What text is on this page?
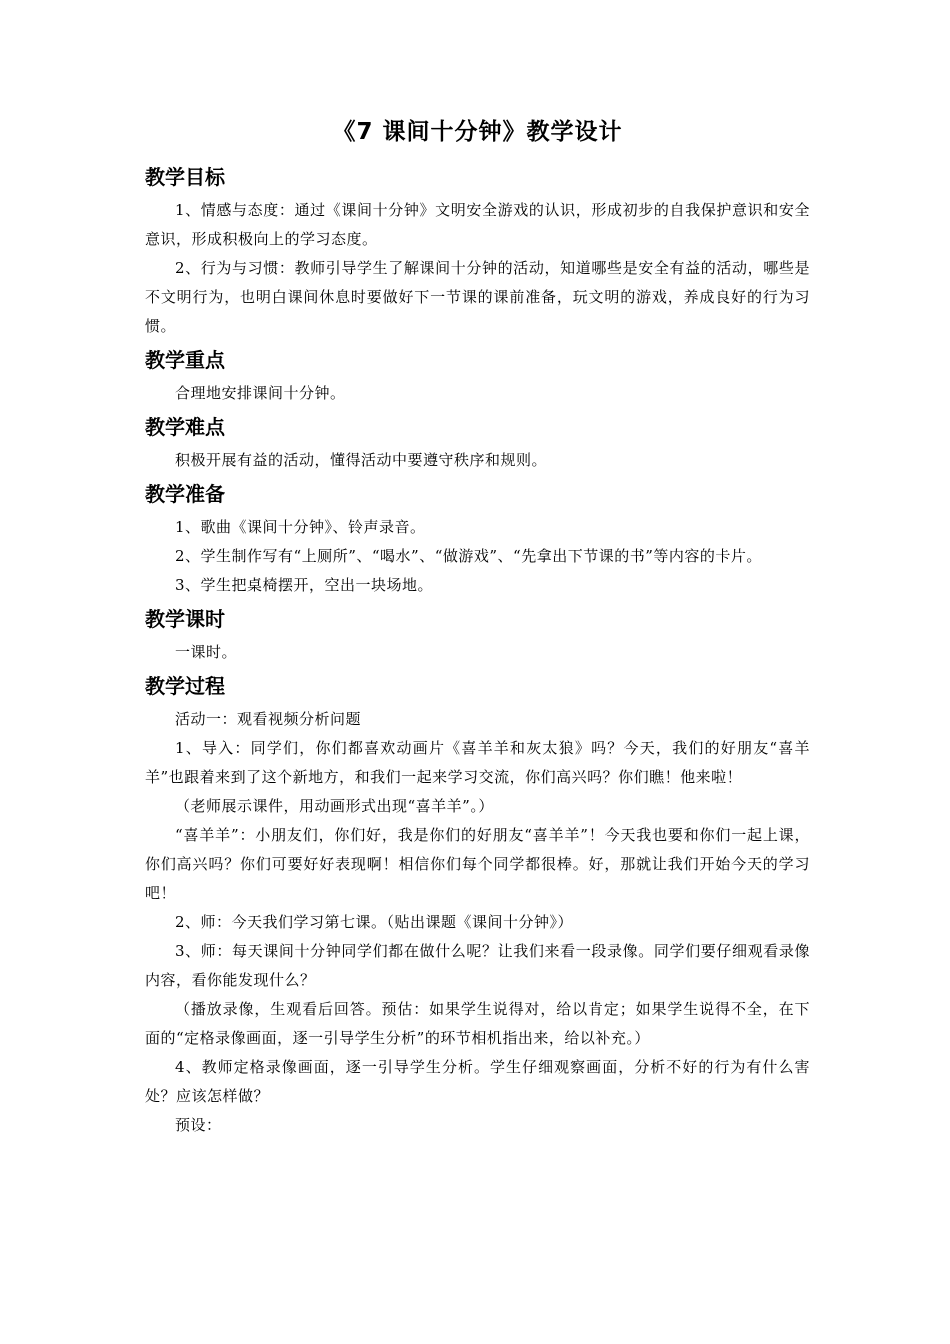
《7 课间十分钟》教学设计
教学目标

1、情感与态度：通过《课间十分钟》文明安全游戏的认识，形成初步的自我保护意识和安全意识，形成积极向上的学习态度。

2、行为与习惯：教师引导学生了解课间十分钟的活动，知道哪些是安全有益的活动，哪些是不文明行为，也明白课间休息时要做好下一节课的课前准备，玩文明的游戏，养成良好的行为习惯。

教学重点

合理地安排课间十分钟。

教学难点

积极开展有益的活动，懂得活动中要遵守秩序和规则。

教学准备

1、歌曲《课间十分钟》、铃声录音。

2、学生制作写有“上厕所”、“喝水”、“做游戏”、“先拿出下节课的书”等内容的卡片。

3、学生把桌椅摆开，空出一块场地。

教学课时

一课时。

教学过程

活动一：观看视频分析问题

1、导入：同学们，你们都喜欢动画片《喜羊羊和灰太狼》吗？今天，我们的好朋友“喜羊羊”也跟着来到了这个新地方，和我们一起来学习交流，你们高兴吗？你们瞧！他来啦！

（老师展示课件，用动画形式出现“喜羊羊”。）

“喜羊羊”：小朋友们，你们好，我是你们的好朋友“喜羊羊”！今天我也要和你们一起上课，你们高兴吗？你们可要好好表现啊！相信你们每个同学都很棒。好，那就让我们开始今天的学习吧！

2、师：今天我们学习第七课。（贴出课题《课间十分钟》）

3、师：每天课间十分钟同学们都在做什么呢？让我们来看一段录像。同学们要仔细观看录像内容，看你能发现什么？

（播放录像，生观看后回答。预估：如果学生说得对，给以肯定；如果学生说得不全，在下面的“定格录像画面，逐一引导学生分析”的环节相机指出来，给以补充。）

4、教师定格录像画面，逐一引导学生分析。学生仔细观察画面，分析不好的行为有什么害处？应该怎样做？

预设：
